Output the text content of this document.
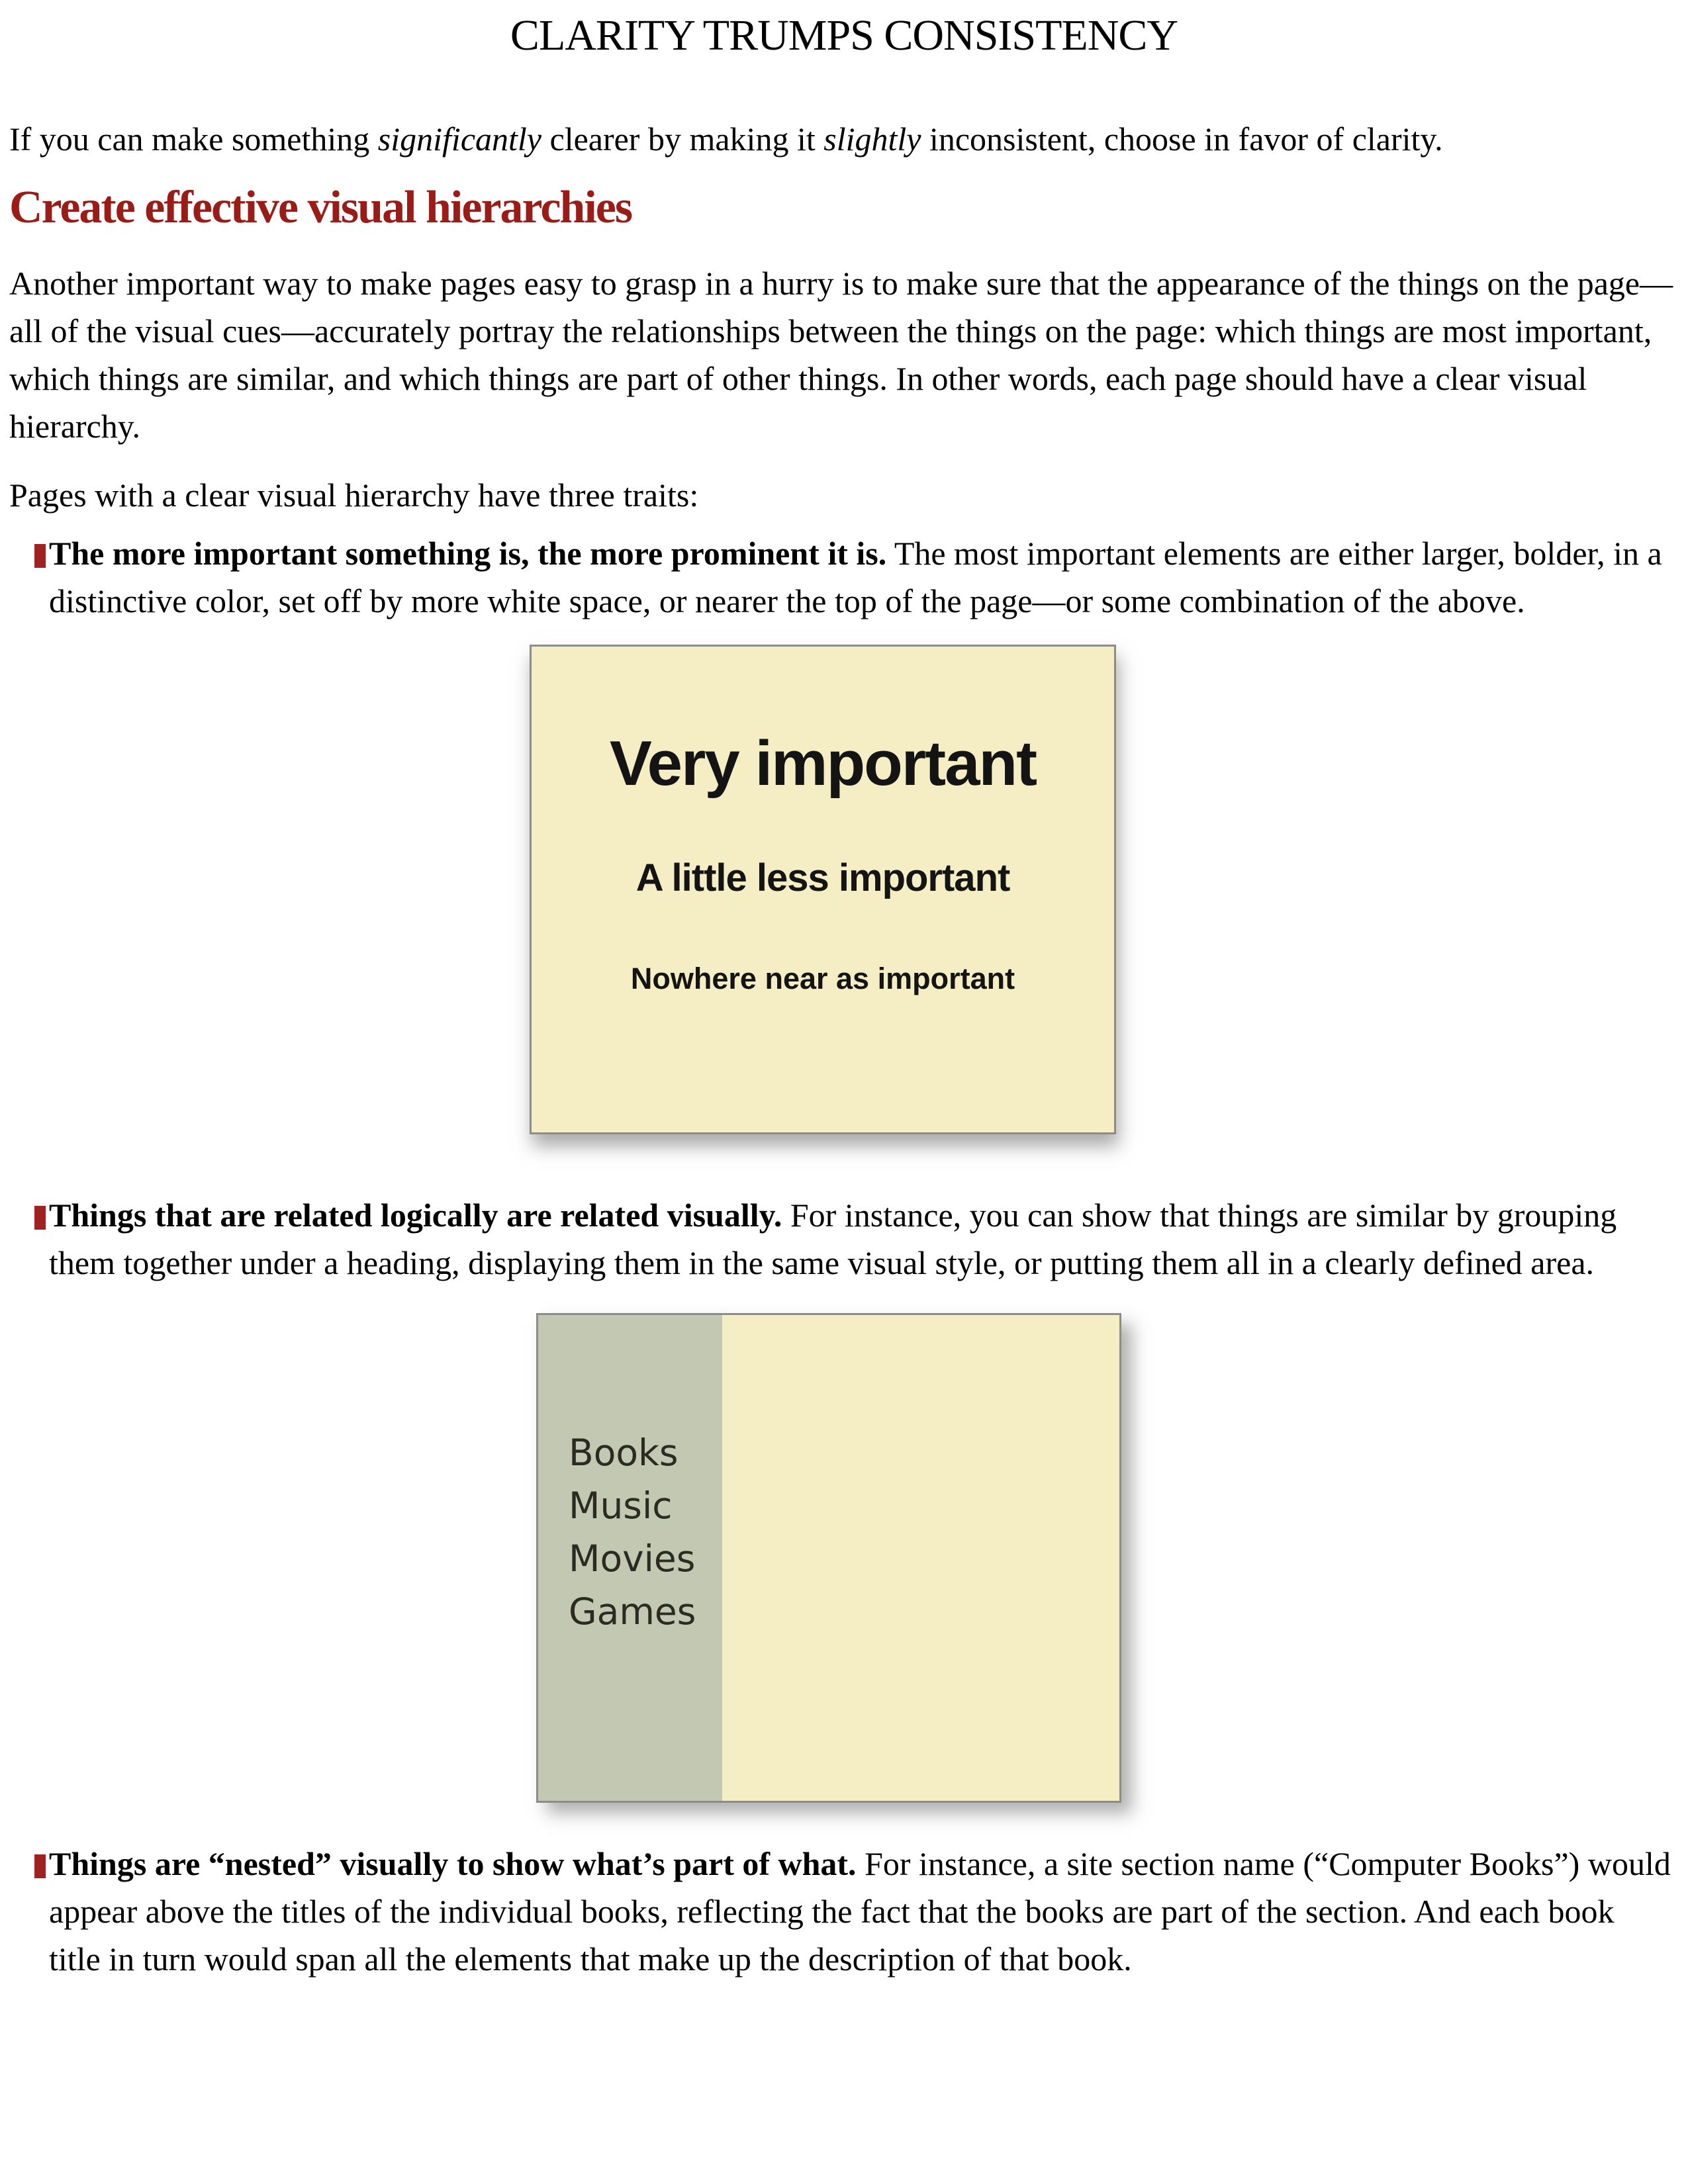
CLARITY TRUMPS CONSISTENCY

If you can make something significantly clearer by making it slightly inconsistent, choose in favor of clarity.

Create effective visual hierarchies

Another important way to make pages easy to grasp in a hurry is to make sure that the appearance of the things on the page—all of the visual cues—accurately portray the relationships between the things on the page: which things are most important, which things are similar, and which things are part of other things. In other words, each page should have a clear visual hierarchy.

Pages with a clear visual hierarchy have three traits:

The more important something is, the more prominent it is. The most important elements are either larger, bolder, in a distinctive color, set off by more white space, or nearer the top of the page—or some combination of the above.

Very important
A little less important
Nowhere near as important

Things that are related logically are related visually. For instance, you can show that things are similar by grouping them together under a heading, displaying them in the same visual style, or putting them all in a clearly defined area.

Books
Music
Movies
Games

Things are “nested” visually to show what’s part of what. For instance, a site section name (“Computer Books”) would appear above the titles of the individual books, reflecting the fact that the books are part of the section. And each book title in turn would span all the elements that make up the description of that book.
